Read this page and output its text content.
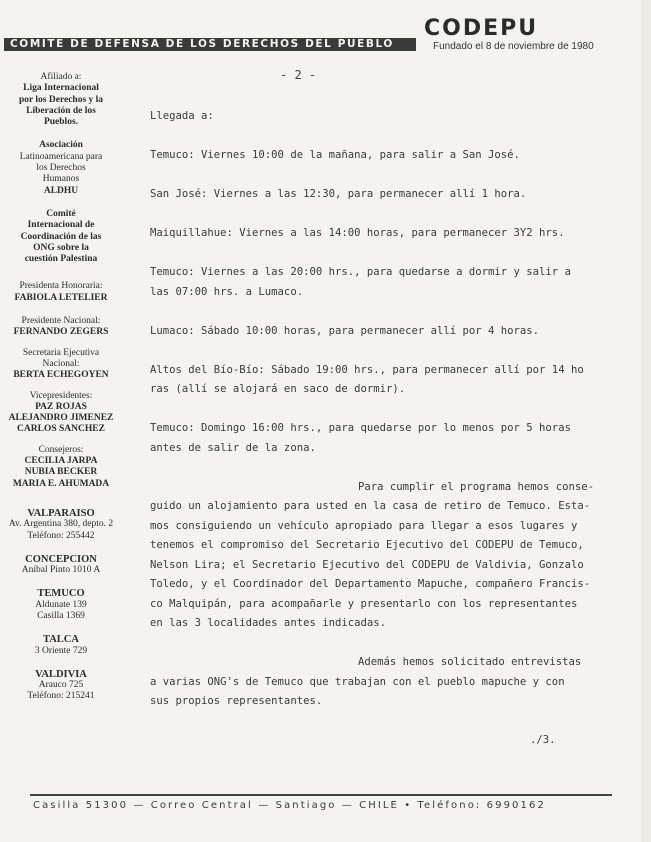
COMITE DE DEFENSA DE LOS DERECHOS DEL PUEBLO
CODEPU
Fundado el 8 de noviembre de 1980
- 2 -
Afiliado a:
Liga Internacional
por los Derechos y la
Liberación de los
Pueblos.
Asociación
Latinoamericana para
los Derechos
Humanos
ALDHU
Comité
Internacional de
Coordinación de las
ONG sobre la
cuestión Palestina
Presidenta Honoraria:
FABIOLA LETELIER
Presidente Nacional:
FERNANDO ZEGERS
Secretaria Ejecutiva
Nacional:
BERTA ECHEGOYEN
Vicepresidentes:
PAZ ROJAS
ALEJANDRO JIMENEZ
CARLOS SANCHEZ
Consejeros:
CECILIA JARPA
NUBIA BECKER
MARIA E. AHUMADA
VALPARAISO
Av. Argentina 380, depto. 2
Teléfono: 255442
CONCEPCION
Aníbal Pinto 1010 A
TEMUCO
Aldunate 139
Casilla 1369
TALCA
3 Oriente 729
VALDIVIA
Arauco 725
Teléfono: 215241
Llegada a:
Temuco: Viernes 10:00 de la mañana, para salir a San José.
San José: Viernes a las 12:30, para permanecer allí 1 hora.
Maiquillahue: Viernes a las 14:00 horas, para permanecer 3Y2 hrs.
Temuco: Viernes a las 20:00 hrs., para quedarse a dormir y salir a
las 07:00 hrs. a Lumaco.
Lumaco: Sábado 10:00 horas, para permanecer allí por 4 horas.
Altos del Bío-Bío: Sábado 19:00 hrs., para permanecer allí por 14 ho
ras (allí se alojará en saco de dormir).
Temuco: Domingo 16:00 hrs., para quedarse por lo menos por 5 horas
antes de salir de la zona.
Para cumplir el programa hemos conse-
guido un alojamiento para usted en la casa de retiro de Temuco. Esta-
mos consiguiendo un vehículo apropiado para llegar a esos lugares y
tenemos el compromiso del Secretario Ejecutivo del CODEPU de Temuco,
Nelson Lira; el Secretario Ejecutivo del CODEPU de Valdivia, Gonzalo
Toledo, y el Coordinador del Departamento Mapuche, compañero Francis-
co Malquipán, para acompañarle y presentarlo con los representantes
en las 3 localidades antes indicadas.
Además hemos solicitado entrevistas
a varias ONG's de Temuco que trabajan con el pueblo mapuche y con
sus propios representantes.
./3.
Casilla 51300 — Correo Central — Santiago — CHILE • Teléfono: 6990162
